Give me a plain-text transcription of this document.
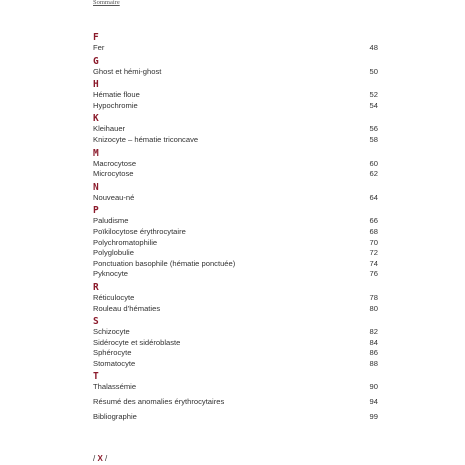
Sommaire
F
Fer	48
G
Ghost et hémi-ghost	50
H
Hématie floue	52
Hypochromie	54
K
Kleihauer	56
Knizocyte – hématie triconcave	58
M
Macrocytose	60
Microcytose	62
N
Nouveau-né	64
P
Paludisme	66
Poïkilocytose érythrocytaire	68
Polychromatophilie	70
Polyglobulie	72
Ponctuation basophile (hématie ponctuée)	74
Pyknocyte	76
R
Réticulocyte	78
Rouleau d’hématies	80
S
Schizocyte	82
Sidérocyte et sidéroblaste	84
Sphérocyte	86
Stomatocyte	88
T
Thalassémie	90
Résumé des anomalies érythrocytaires	94
Bibliographie	99
/ X /
